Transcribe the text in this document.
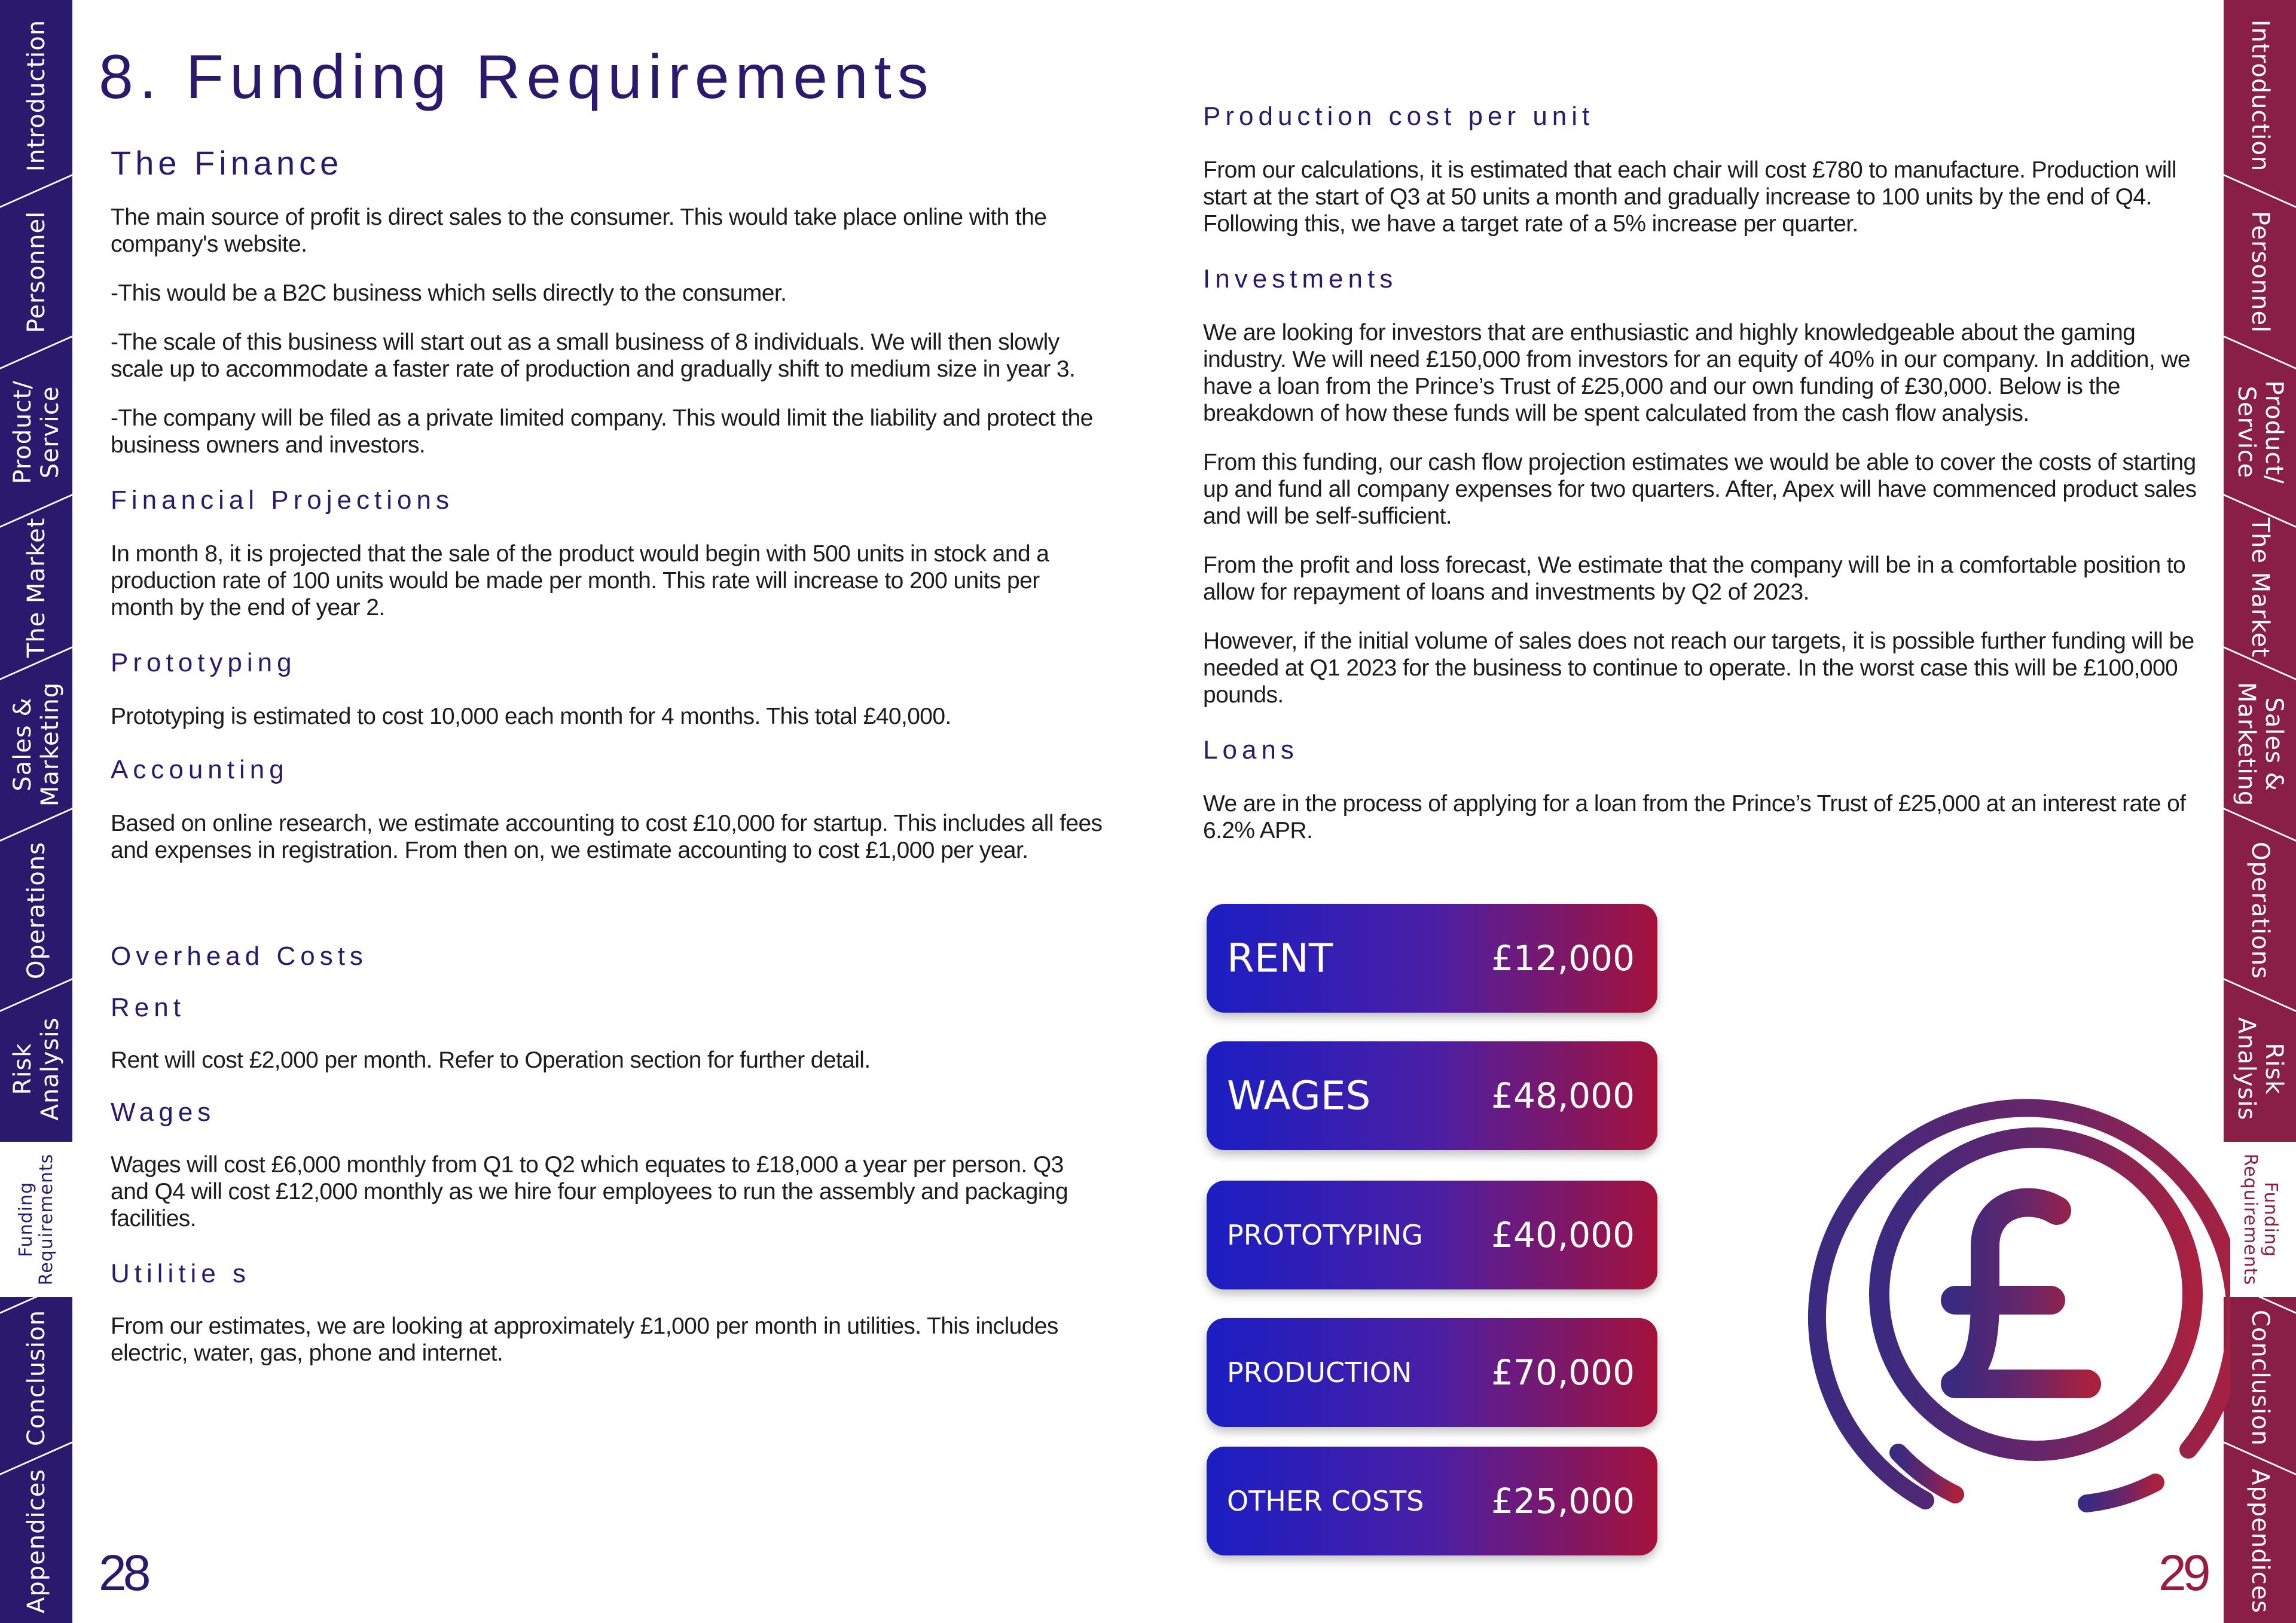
Introduction
Personnel
Product/
Service
The Market
Sales &
Marketing
Operations
Risk
Analysis
Funding
Requirements
Conclusion
Appendices
Introduction
Personnel
Product/
Service
The Market
Sales &
Marketing
Operations
Risk
Analysis
Funding
Requirements
Conclusion
Appendices
8. Funding Requirements
The Finance

The main source of profit is direct sales to the consumer. This would take place online with the company's website.

-This would be a B2C business which sells directly to the consumer.

-The scale of this business will start out as a small business of 8 individuals. We will then slowly scale up to accommodate a faster rate of production and gradually shift to medium size in year 3.

-The company will be filed as a private limited company. This would limit the liability and protect the business owners and investors.

Financial Projections

In month 8, it is projected that the sale of the product would begin with 500 units in stock and a production rate of 100 units would be made per month. This rate will increase to 200 units per month by the end of year 2.

Prototyping

Prototyping is estimated to cost 10,000 each month for 4 months. This total £40,000.

Accounting

Based on online research, we estimate accounting to cost £10,000 for startup. This includes all fees and expenses in registration. From then on, we estimate accounting to cost £1,000 per year.

Overhead Costs
Rent

Rent will cost £2,000 per month. Refer to Operation section for further detail.

Wages

Wages will cost £6,000 monthly from Q1 to Q2 which equates to £18,000 a year per person. Q3 and Q4 will cost £12,000 monthly as we hire four employees to run the assembly and packaging facilities.

Utilitie s

From our estimates, we are looking at approximately £1,000 per month in utilities. This includes electric, water, gas, phone and internet.

28
Production cost per unit

From our calculations, it is estimated that each chair will cost £780 to manufacture. Production will start at the start of Q3 at 50 units a month and gradually increase to 100 units by the end of Q4. Following this, we have a target rate of a 5% increase per quarter.

Investments

We are looking for investors that are enthusiastic and highly knowledgeable about the gaming industry. We will need £150,000 from investors for an equity of 40% in our company. In addition, we have a loan from the Prince’s Trust of £25,000 and our own funding of £30,000. Below is the breakdown of how these funds will be spent calculated from the cash flow analysis.

From this funding, our cash flow projection estimates we would be able to cover the costs of starting up and fund all company expenses for two quarters. After, Apex will have commenced product sales and will be self-sufficient.

From the profit and loss forecast, We estimate that the company will be in a comfortable position to allow for repayment of loans and investments by Q2 of 2023.

However, if the initial volume of sales does not reach our targets, it is possible further funding will be needed at Q1 2023 for the business to continue to operate. In the worst case this will be £100,000 pounds.

Loans

We are in the process of applying for a loan from the Prince’s Trust of £25,000 at an interest rate of 6.2% APR.

RENT	£12,000
WAGES	£48,000
PROTOTYPING £40,000
PRODUCTION £70,000
OTHER COSTS £25,000
29
